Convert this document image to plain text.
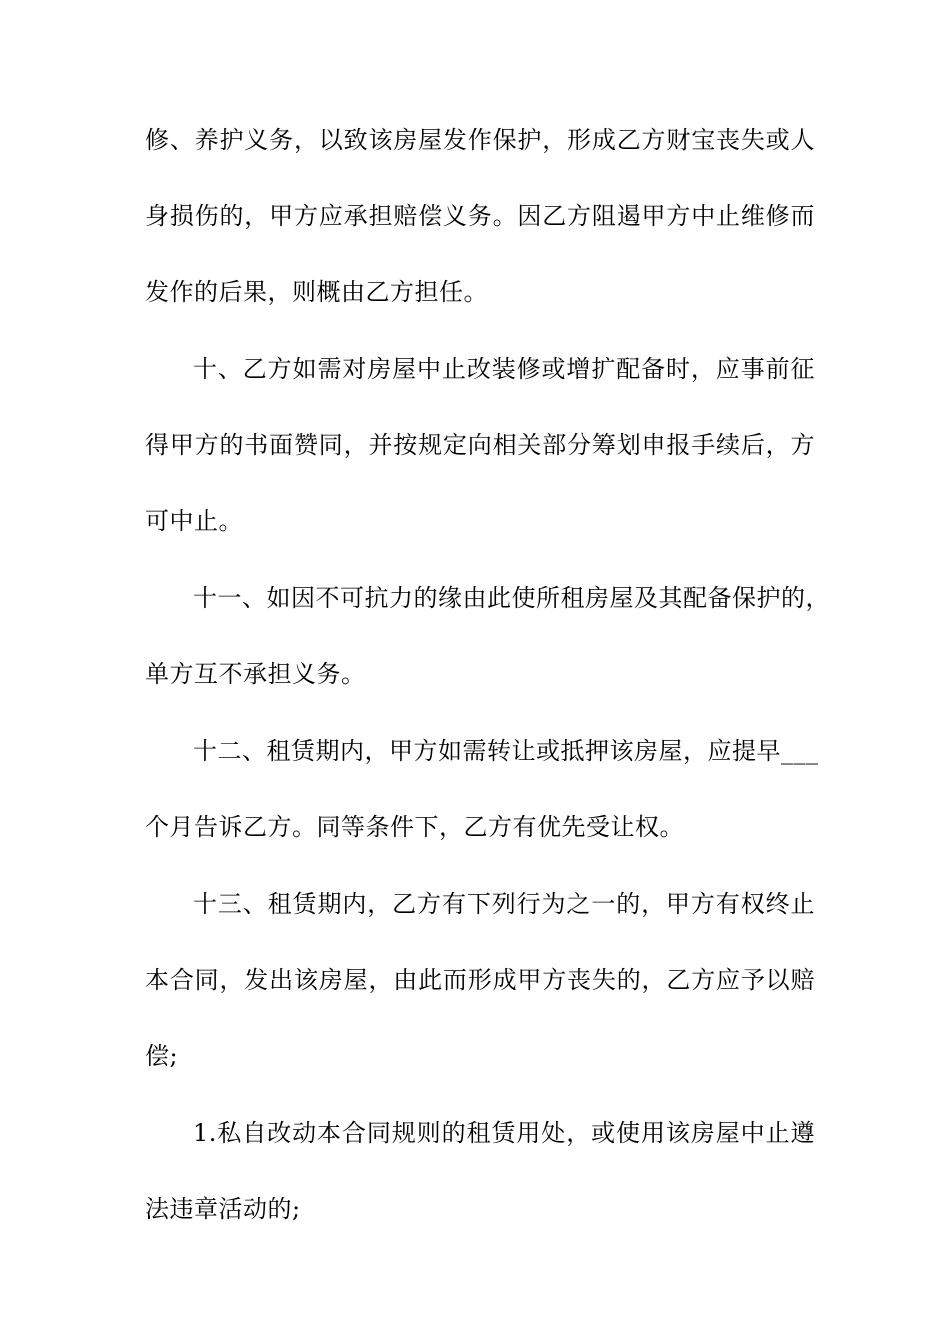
修、养护义务，以致该房屋发作保护，形成乙方财宝丧失或人
身损伤的，甲方应承担赔偿义务。因乙方阻遏甲方中止维修而
发作的后果，则概由乙方担任。
十、乙方如需对房屋中止改装修或增扩配备时，应事前征
得甲方的书面赞同，并按规定向相关部分筹划申报手续后，方
可中止。
十一、如因不可抗力的缘由此使所租房屋及其配备保护的，
单方互不承担义务。
十二、租赁期内，甲方如需转让或抵押该房屋，应提早___
个月告诉乙方。同等条件下，乙方有优先受让权。
十三、租赁期内，乙方有下列行为之一的，甲方有权终止
本合同，发出该房屋，由此而形成甲方丧失的，乙方应予以赔
偿;
1.私自改动本合同规则的租赁用处，或使用该房屋中止遵
法违章活动的;
